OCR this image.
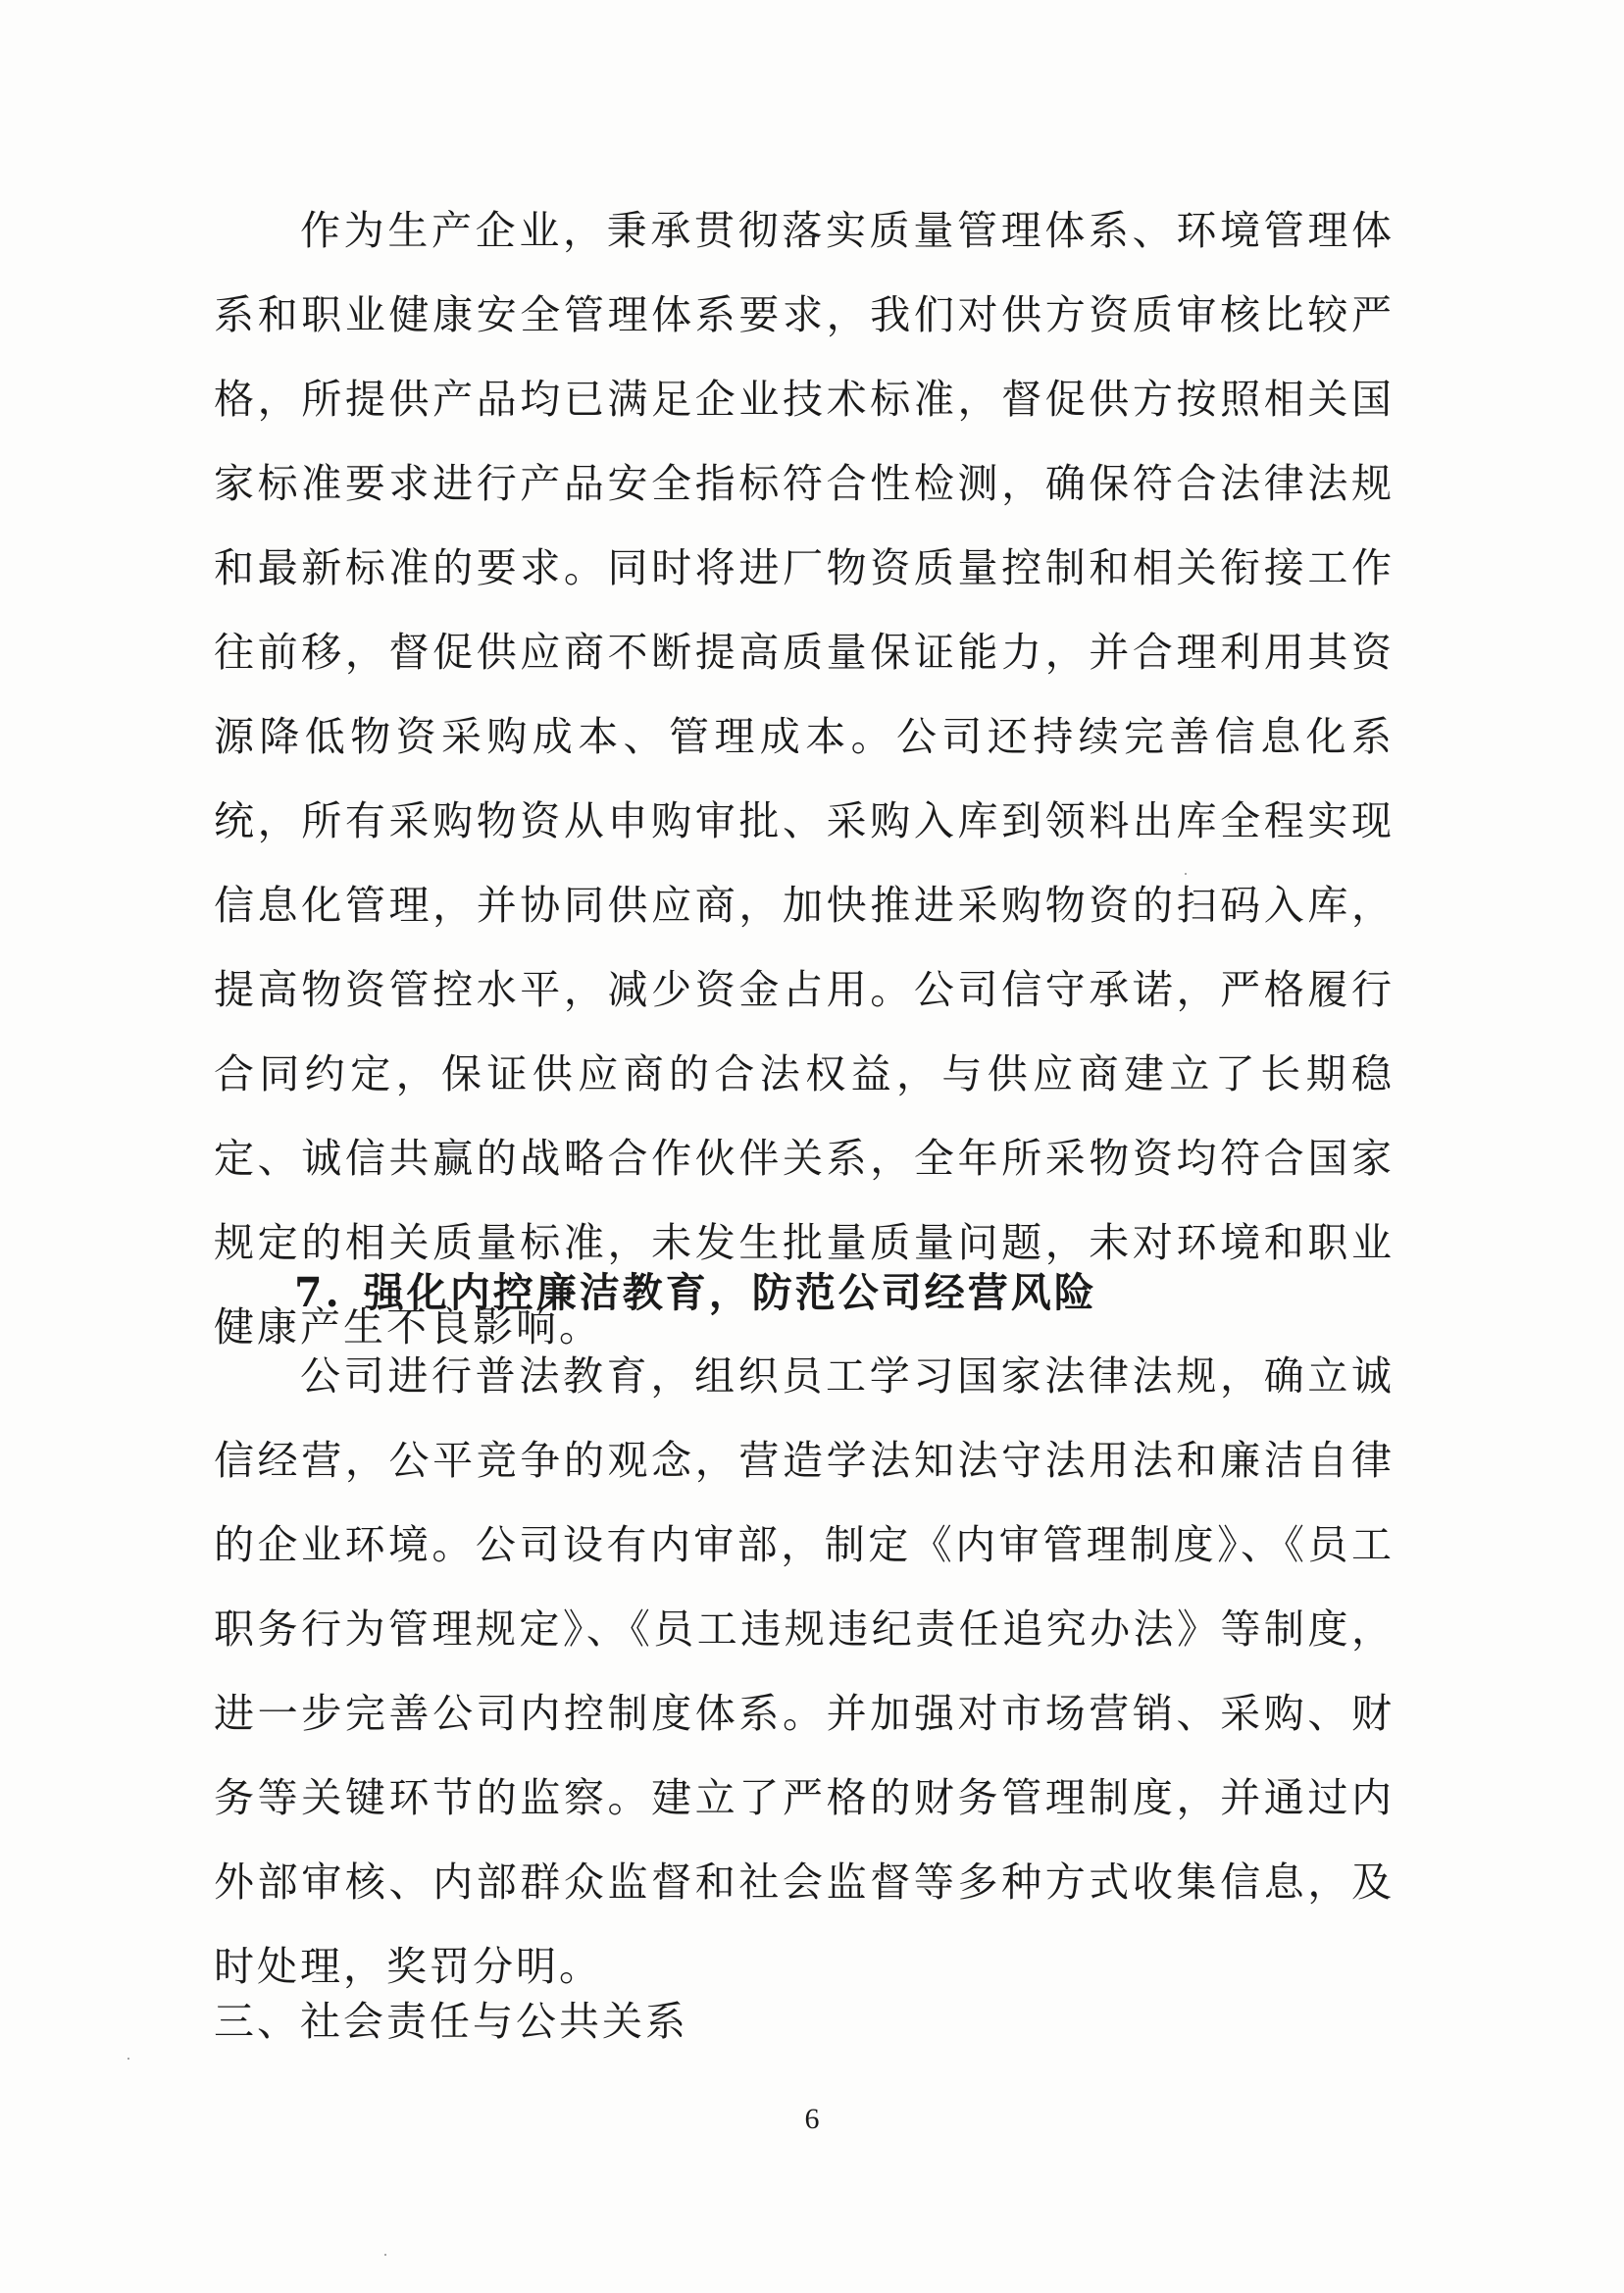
作为生产企业，秉承贯彻落实质量管理体系、环境管理体系和职业健康安全管理体系要求，我们对供方资质审核比较严格，所提供产品均已满足企业技术标准，督促供方按照相关国家标准要求进行产品安全指标符合性检测，确保符合法律法规和最新标准的要求。同时将进厂物资质量控制和相关衔接工作往前移，督促供应商不断提高质量保证能力，并合理利用其资源降低物资采购成本、管理成本。公司还持续完善信息化系统，所有采购物资从申购审批、采购入库到领料出库全程实现信息化管理，并协同供应商，加快推进采购物资的扫码入库，提高物资管控水平，减少资金占用。公司信守承诺，严格履行合同约定，保证供应商的合法权益，与供应商建立了长期稳定、诚信共赢的战略合作伙伴关系，全年所采物资均符合国家规定的相关质量标准，未发生批量质量问题，未对环境和职业健康产生不良影响。

7. 强化内控廉洁教育，防范公司经营风险

公司进行普法教育，组织员工学习国家法律法规，确立诚信经营，公平竞争的观念，营造学法知法守法用法和廉洁自律的企业环境。公司设有内审部，制定《内审管理制度》、《员工职务行为管理规定》、《员工违规违纪责任追究办法》等制度，进一步完善公司内控制度体系。并加强对市场营销、采购、财务等关键环节的监察。建立了严格的财务管理制度，并通过内外部审核、内部群众监督和社会监督等多种方式收集信息，及时处理，奖罚分明。

三、社会责任与公共关系
6
